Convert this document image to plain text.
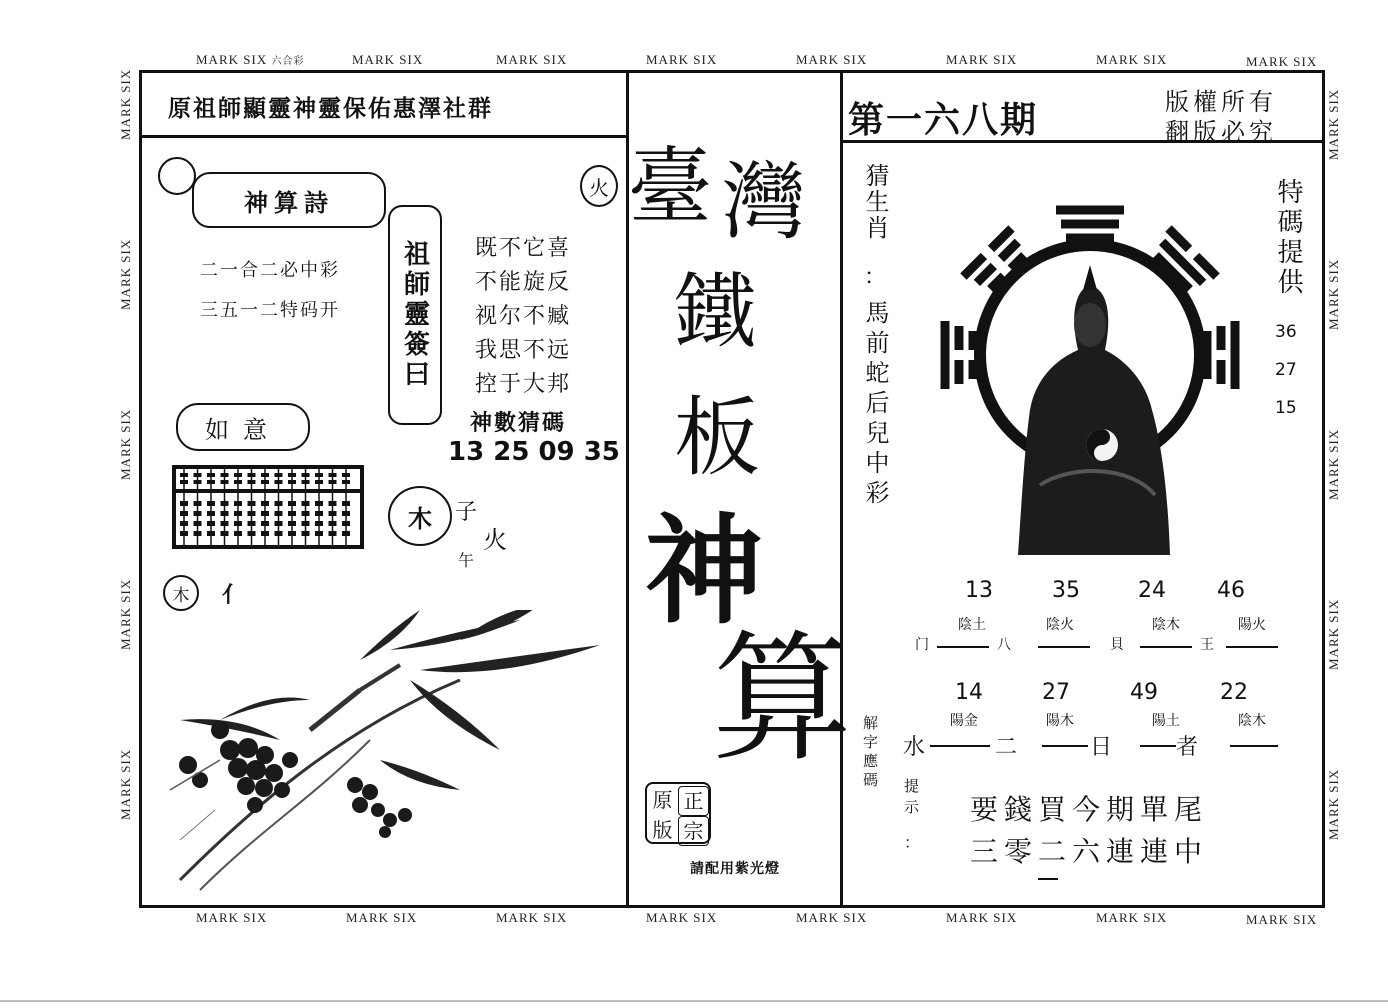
MARK SIX 六合彩	MARK SIX	MARK SIX	MARK SIX	MARK SIX	MARK SIX	MARK SIX	MARK SIX
MARK SIX	MARK SIX	MARK SIX	MARK SIX	MARK SIX	MARK SIX	MARK SIX	MARK SIX
MARK SIX
MARK SIX
MARK SIX
MARK SIX
MARK SIX
MARK SIX
MARK SIX
MARK SIX
MARK SIX
MARK SIX
原祖師顯靈神靈保佑惠澤社群
神算詩	火
二一合二必中彩
三五一二特码开 祖師靈簽曰 既不它喜
不能旋反
视尔不臧
我思不远
控于大邦
如意	神數猜碼
13 25 09 35
木 子
火
午
木 亻
臺 灣
鐵
板
神
算
原 正
版 宗
請配用紫光燈
第一六八期	版權所有
翻版必究
猜生肖
：
馬前蛇后兒中彩
特碼提供
36
27
15
13	35	24 46
陰土	陰火	陰木	陽火
门	八	貝	王
14	27	49	22
陽金	陽木	陽土	陰木
水	二	日	者
解字應碼
提示
：
要錢買今期單尾
三零二六連連中
